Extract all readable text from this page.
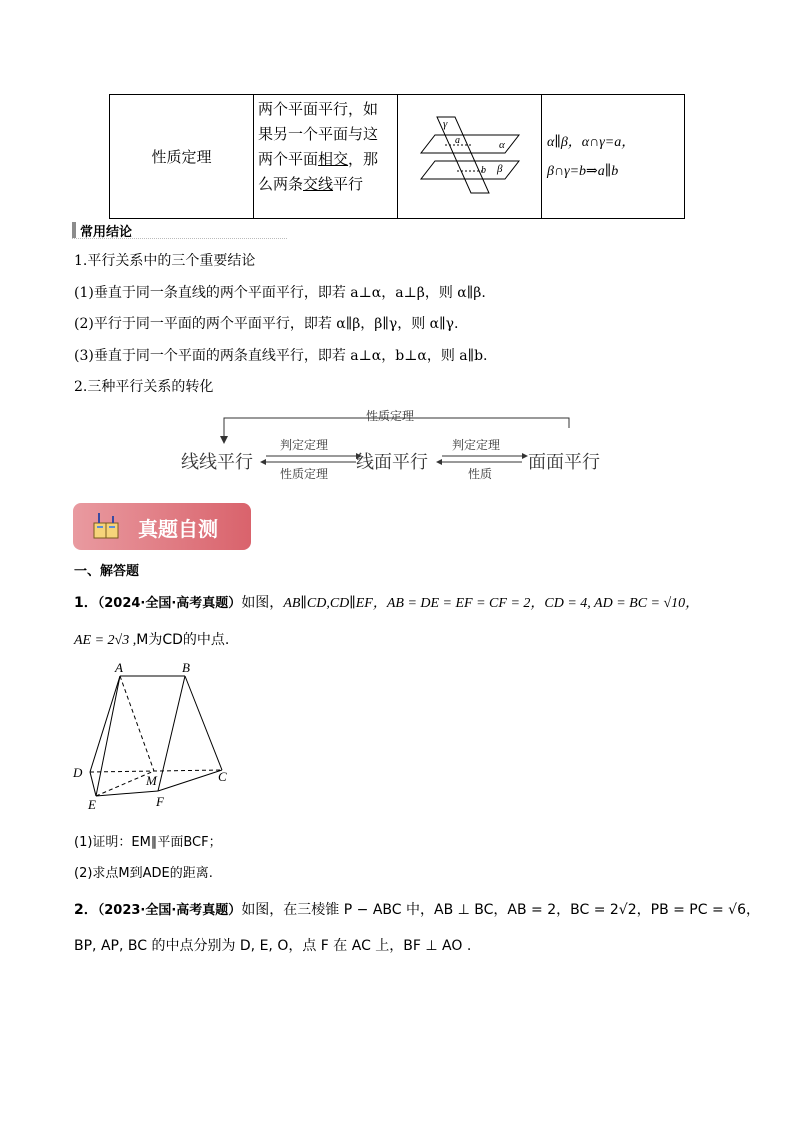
性质定理
两个平面平行，如
果另一个平面与这
两个平面相交，那
么两条交线平行
γ
α
a
β
b
α∥β，α∩γ=a，
β∩γ=b⇒a∥b
常用结论
1.平行关系中的三个重要结论
(1)垂直于同一条直线的两个平面平行，即若 a⊥α，a⊥β，则 α∥β.
(2)平行于同一平面的两个平面平行，即若 α∥β，β∥γ，则 α∥γ.
(3)垂直于同一个平面的两条直线平行，即若 a⊥α，b⊥α，则 a∥b.
2.三种平行关系的转化
性质定理
线线平行	线面平行	面面平行
判定定理
性质定理
判定定理
性质
真题自测
一、解答题
1．（2024·全国·高考真题）如图，AB∥CD,CD∥EF，AB = DE = EF = CF = 2，CD = 4, AD = BC = √10，
AE = 2√3 ,M为CD的中点.
A	B
D
M	C
E	F
(1)证明：EM∥平面BCF；
(2)求点M到ADE的距离.
2．（2023·全国·高考真题）如图，在三棱锥 P − ABC 中，AB ⊥ BC，AB = 2，BC = 2√2，PB = PC = √6，
BP, AP, BC 的中点分别为 D, E, O，点 F 在 AC 上，BF ⊥ AO .
